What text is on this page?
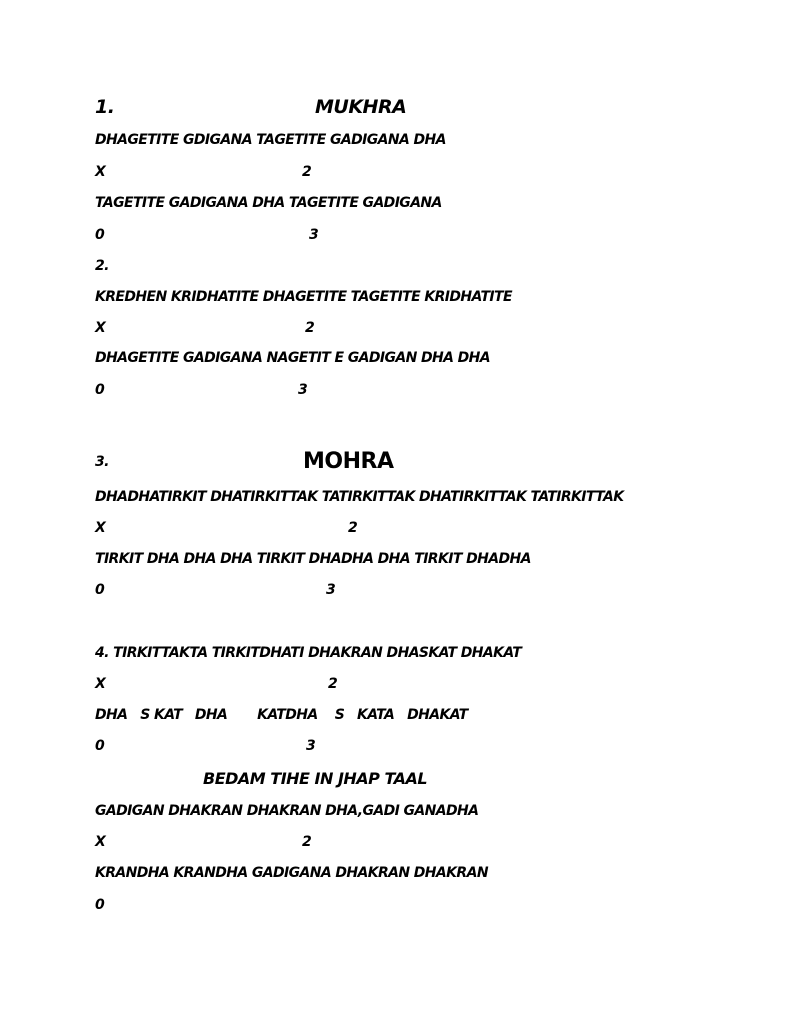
1.	MUKHRA
DHAGETITE GDIGANA TAGETITE GADIGANA DHA
X	2
TAGETITE GADIGANA DHA TAGETITE GADIGANA
0	3
2.
KREDHEN KRIDHATITE DHAGETITE TAGETITE KRIDHATITE
X	2
DHAGETITE GADIGANA NAGETIT E GADIGAN DHA DHA
0	3
3.	MOHRA
DHADHATIRKIT DHATIRKITTAK TATIRKITTAK DHATIRKITTAK TATIRKITTAK
X	2
TIRKIT DHA DHA DHA TIRKIT DHADHA DHA TIRKIT DHADHA
0	3
4. TIRKITTAKTA TIRKITDHATI DHAKRAN DHASKAT DHAKAT
X	2
DHA   S KAT   DHA       KATDHA    S   KATA   DHAKAT
0	3
BEDAM TIHE IN JHAP TAAL
GADIGAN DHAKRAN DHAKRAN DHA,GADI GANADHA
X	2
KRANDHA KRANDHA GADIGANA DHAKRAN DHAKRAN
0
